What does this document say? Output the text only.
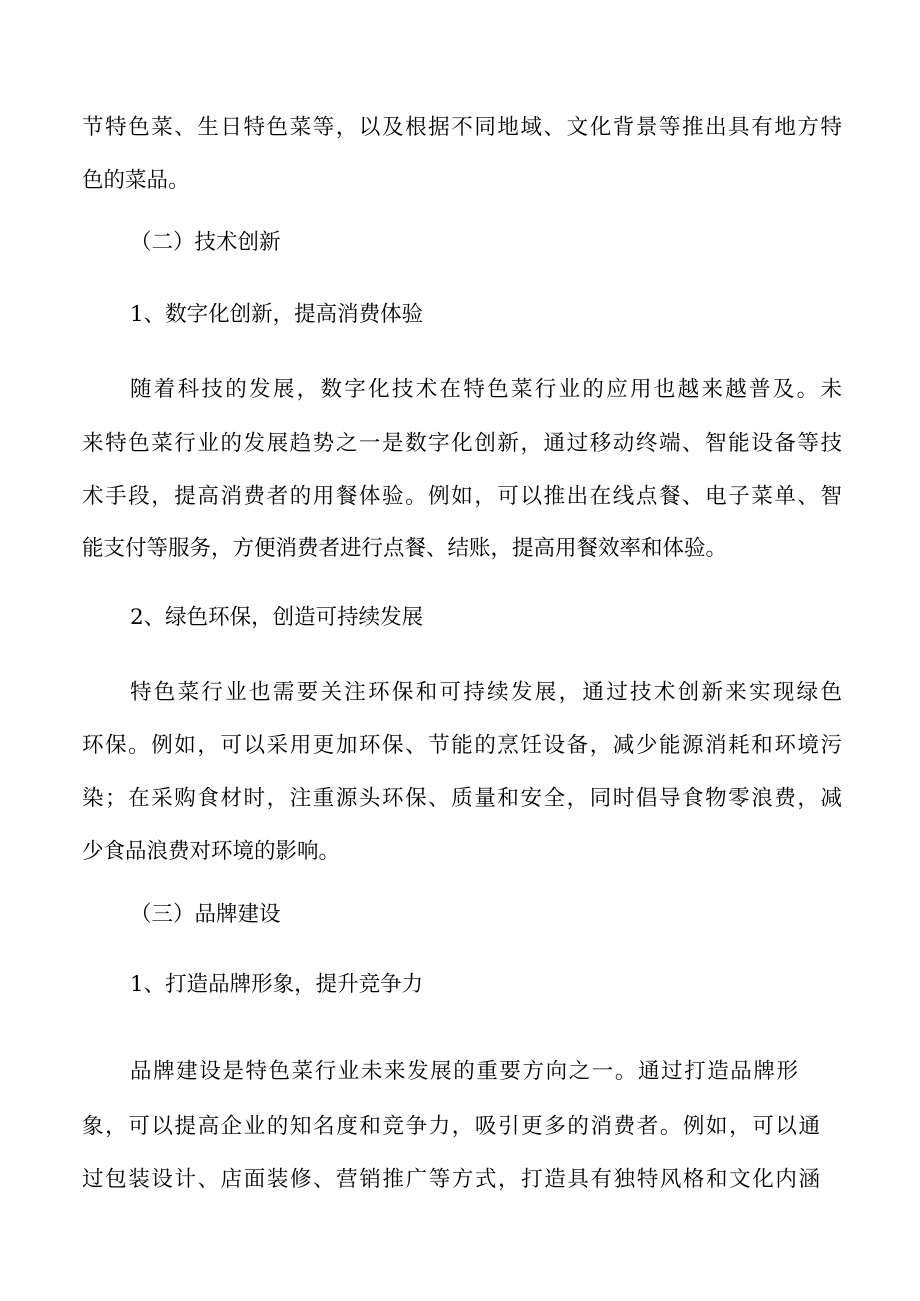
节特色菜、生日特色菜等，以及根据不同地域、文化背景等推出具有地方特
色的菜品。
（二）技术创新
1、数字化创新，提高消费体验
随着科技的发展，数字化技术在特色菜行业的应用也越来越普及。未
来特色菜行业的发展趋势之一是数字化创新，通过移动终端、智能设备等技
术手段，提高消费者的用餐体验。例如，可以推出在线点餐、电子菜单、智
能支付等服务，方便消费者进行点餐、结账，提高用餐效率和体验。
2、绿色环保，创造可持续发展
特色菜行业也需要关注环保和可持续发展，通过技术创新来实现绿色
环保。例如，可以采用更加环保、节能的烹饪设备，减少能源消耗和环境污
染；在采购食材时，注重源头环保、质量和安全，同时倡导食物零浪费，减
少食品浪费对环境的影响。
（三）品牌建设
1、打造品牌形象，提升竞争力
品牌建设是特色菜行业未来发展的重要方向之一。通过打造品牌形
象，可以提高企业的知名度和竞争力，吸引更多的消费者。例如，可以通
过包装设计、店面装修、营销推广等方式，打造具有独特风格和文化内涵
